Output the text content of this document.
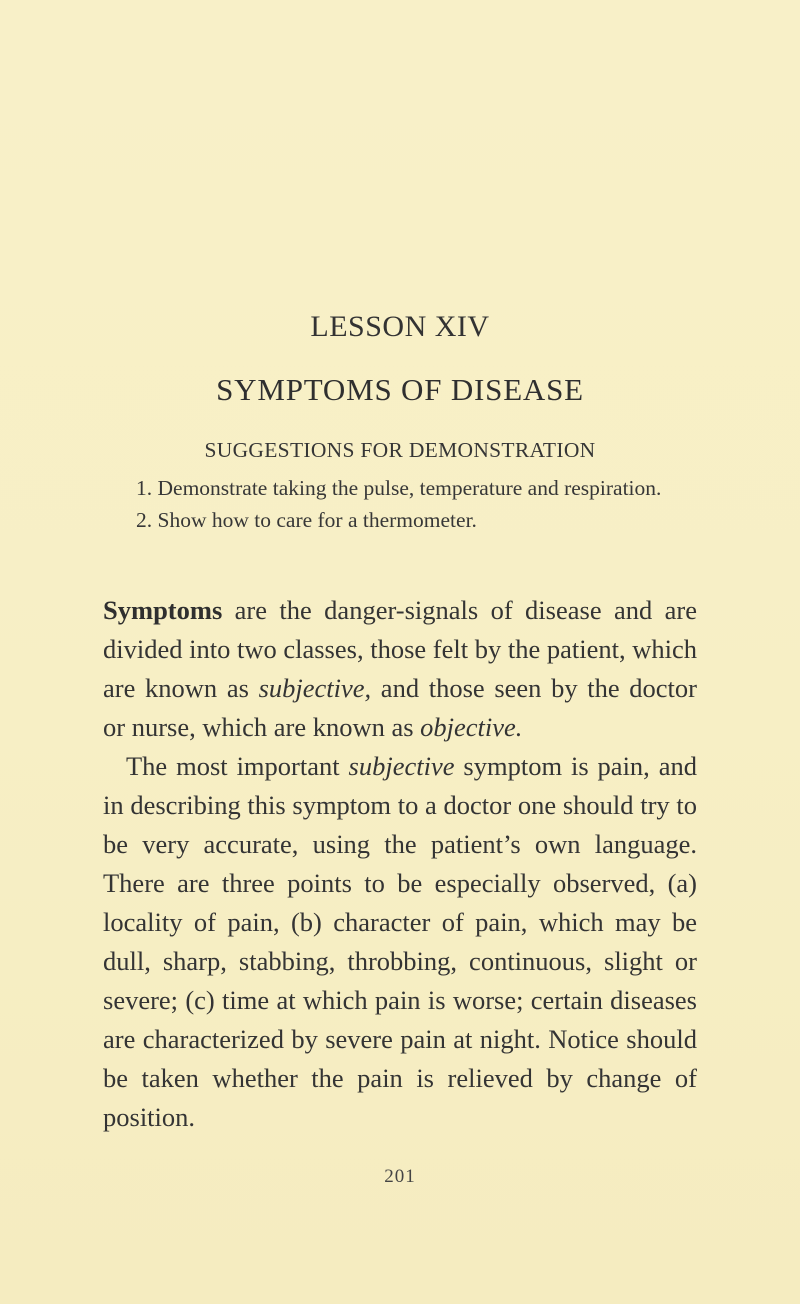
LESSON XIV
SYMPTOMS OF DISEASE
SUGGESTIONS FOR DEMONSTRATION
1. Demonstrate taking the pulse, temperature and respiration.
2. Show how to care for a thermometer.

Symptoms are the danger-signals of disease and are divided into two classes, those felt by the patient, which are known as subjective, and those seen by the doctor or nurse, which are known as objective.

The most important subjective symptom is pain, and in describing this symptom to a doctor one should try to be very accurate, using the patient’s own language. There are three points to be especially observed, (a) locality of pain, (b) character of pain, which may be dull, sharp, stabbing, throbbing, continuous, slight or severe; (c) time at which pain is worse; certain diseases are characterized by severe pain at night. Notice should be taken whether the pain is relieved by change of position.

201
